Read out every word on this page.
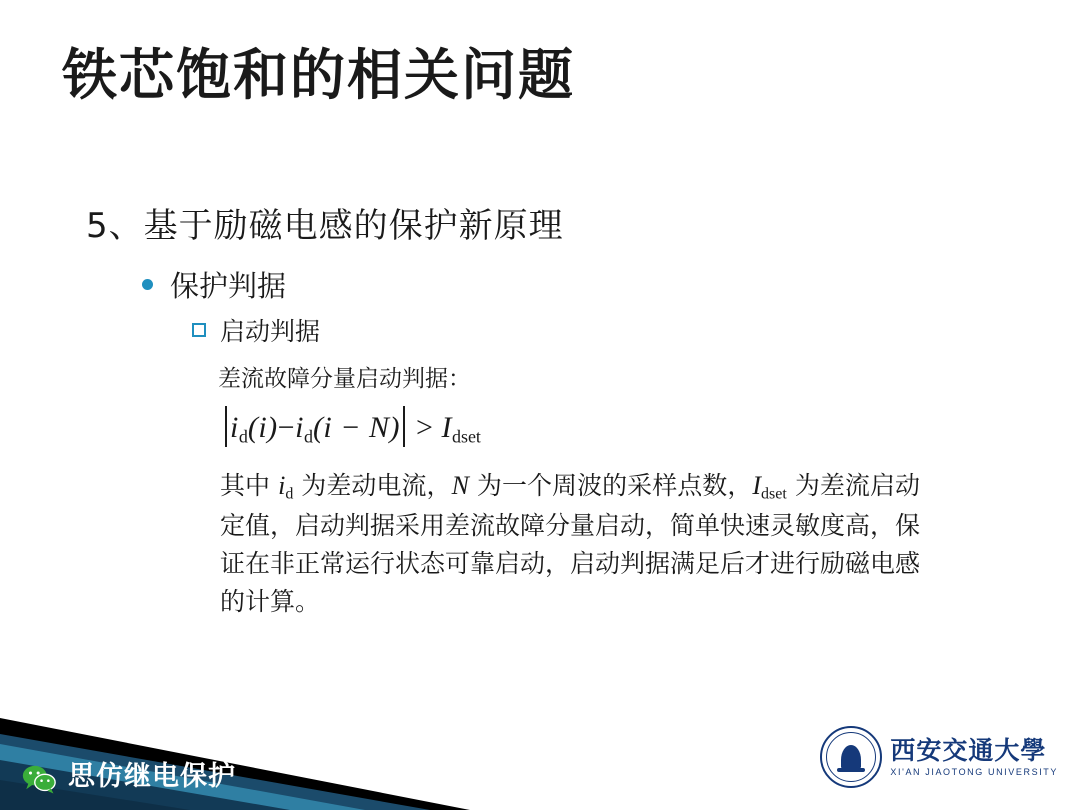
铁芯饱和的相关问题
5、基于励磁电感的保护新原理
保护判据
启动判据
差流故障分量启动判据：
$i_d(i)-i_d(i - N) > I_{dset}$
其中 id 为差动电流，N 为一个周波的采样点数，Idset 为差流启动定值，启动判据采用差流故障分量启动，简单快速灵敏度高，保证在非正常运行状态可靠启动，启动判据满足后才进行励磁电感的计算。
思仿继电保护
西安交通大學
XI'AN JIAOTONG UNIVERSITY
